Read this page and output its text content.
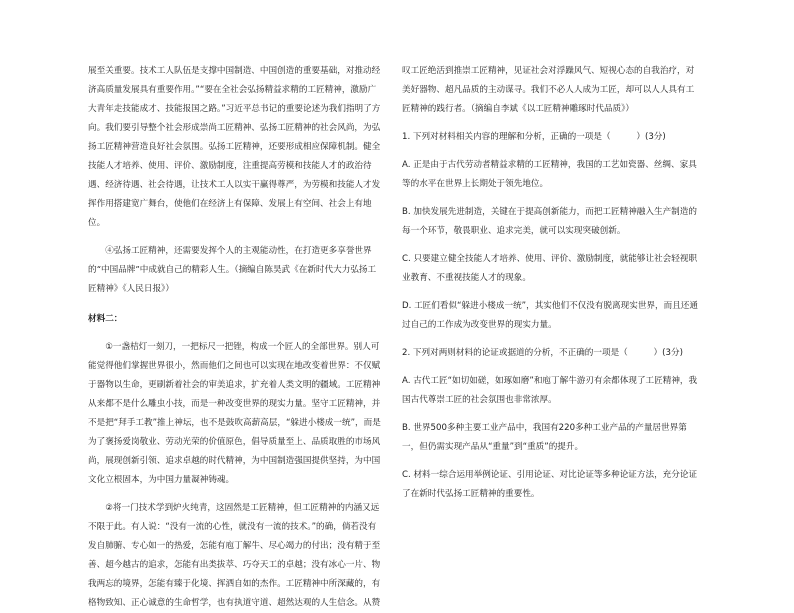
展至关重要。技术工人队伍是支撑中国制造、中国创造的重要基础，对推动经济高质量发展具有重要作用。”“要在全社会弘扬精益求精的工匠精神，激励广大青年走技能成才、技能报国之路。”习近平总书记的重要论述为我们指明了方向。我们要引导整个社会形成崇尚工匠精神、弘扬工匠精神的社会风尚，为弘扬工匠精神营造良好社会氛围。弘扬工匠精神，还要形成相应保障机制。健全技能人才培养、使用、评价、激励制度，注重提高劳模和技能人才的政治待遇、经济待遇、社会待遇，让技术工人以实干赢得尊严，为劳模和技能人才发挥作用搭建宽广舞台，使他们在经济上有保障、发展上有空间、社会上有地位。

④弘扬工匠精神，还需要发挥个人的主观能动性，在打造更多享誉世界的“中国品牌”中成就自己的精彩人生。（摘编自陈昊武《在新时代大力弘扬工匠精神》《人民日报》）

材料二：

①一盏桔灯一刻刀，一把标尺一把锉，构成一个匠人的全部世界。别人可能觉得他们掌握世界很小，然而他们之间也可以实现在地改变着世界：不仅赋于器物以生命，更刷新着社会的审美追求，扩充着人类文明的疆域。工匠精神从来都不是什么雕虫小技，而是一种改变世界的现实力量。坚守工匠精神，并不是把“拜手工教”推上神坛，也不是鼓吹高薪高层，“躲进小楼成一统”，而是为了褒扬爱岗敬业、劳动光荣的价值原色，倡导质量至上、品质取胜的市场风尚，展现创新引领、追求卓越的时代精神，为中国制造强国提供坚持，为中国文化立根固本，为中国力量凝神铸魂。

②将一门技术学到炉火纯青，这固然是工匠精神，但工匠精神的内涵又远不限于此。有人说：“没有一流的心性，就没有一流的技术。”的确，倘若没有发自肺腑、专心如一的热爱，怎能有庖丁解牛、尽心竭力的付出；没有精于至善、超今越古的追求，怎能有出类拔萃、巧夺天工的卓越；没有冰心一片、物我两忘的境界，怎能有臻于化境、挥洒自如的杰作。工匠精神中所深藏的，有格物致知、正心诚意的生命哲学，也有执道守道、超然达观的人生信念。从赞

叹工匠绝活到推崇工匠精神，见证社会对浮躁风气、短视心态的自我治疗，对美好器物、超凡品质的主动谋寻。我们不必人人成为工匠，却可以人人具有工匠精神的践行者。（摘编自李斌《以工匠精神雕琢时代品质》）

1. 下列对材料相关内容的理解和分析，正确的一项是（　　　）(3分)

A. 正是由于古代劳动者精益求精的工匠精神，我国的工艺如瓷器、丝绸、家具等的水平在世界上长期处于领先地位。

B. 加快发展先进制造，关键在于提高创新能力，而把工匠精神融入生产制造的每一个环节，敬畏职业、追求完美，就可以实现突破创新。

C. 只要建立健全技能人才培养、使用、评价、激励制度，就能够让社会轻视职业教育、不重视技能人才的现象。

D. 工匠们看似“躲进小楼成一统”，其实他们不仅没有脱离现实世界，而且还通过自己的工作成为改变世界的现实力量。

2. 下列对两则材料的论证或据道的分析，不正确的一项是（　　　）(3分)

A. 古代工匠“如切如磋，如琢如磨”和庖丁解牛游刃有余都体现了工匠精神，我国古代尊崇工匠的社会氛围也非常浓厚。

B. 世界500多种主要工业产品中，我国有220多种工业产品的产量居世界第一，但仍需实现产品从“重量”到“重质”的提升。

C. 材料一综合运用举例论证、引用论证、对比论证等多种论证方法，充分论证了在新时代弘扬工匠精神的重要性。
